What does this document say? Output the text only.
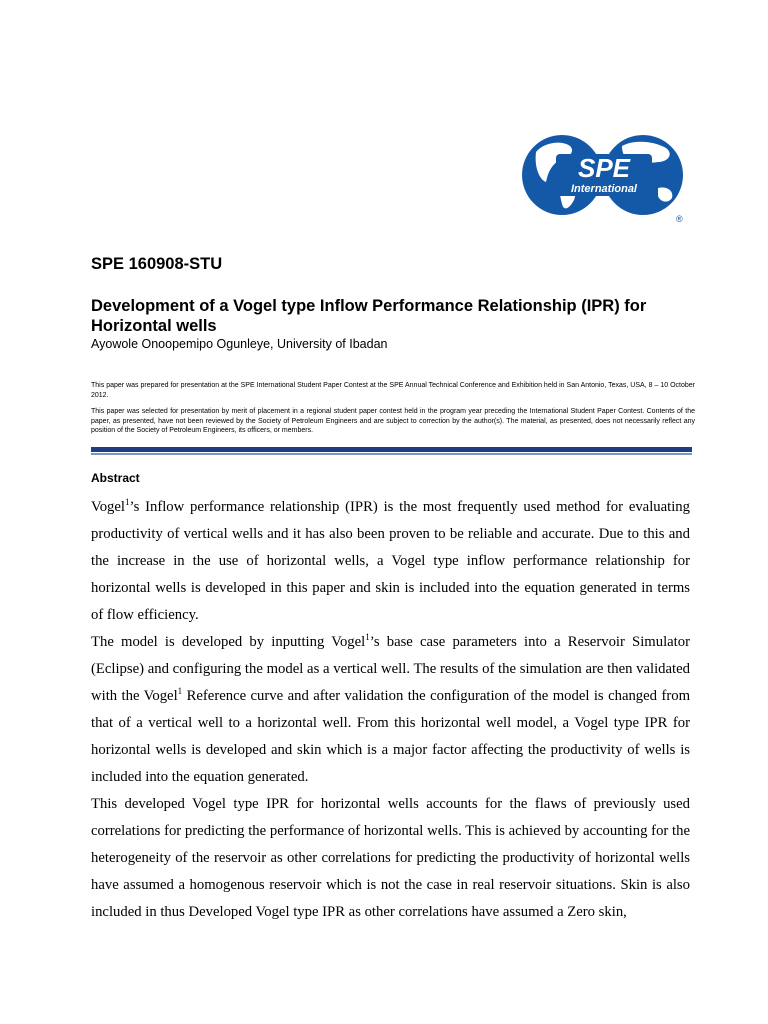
SPE
International
®
SPE 160908-STU
Development of a Vogel type Inflow Performance Relationship (IPR) for Horizontal wells
Ayowole Onoopemipo Ogunleye, University of Ibadan

This paper was prepared for presentation at the SPE International Student Paper Contest at the SPE Annual Technical Conference and Exhibition held in San Antonio, Texas, USA, 8 – 10 October 2012.

This paper was selected for presentation by merit of placement in a regional student paper contest held in the program year preceding the International Student Paper Contest. Contents of the paper, as presented, have not been reviewed by the Society of Petroleum Engineers and are subject to correction by the author(s). The material, as presented, does not necessarily reflect any position of the Society of Petroleum Engineers, its officers, or members.

Abstract

Vogel$^1$’s Inflow performance relationship (IPR) is the most frequently used method for evaluating productivity of vertical wells and it has also been proven to be reliable and accurate. Due to this and the increase in the use of horizontal wells, a Vogel type inflow performance relationship for horizontal wells is developed in this paper and skin is included into the equation generated in terms of flow efficiency.

The model is developed by inputting Vogel$^1$’s base case parameters into a Reservoir Simulator (Eclipse) and configuring the model as a vertical well. The results of the simulation are then validated with the Vogel$^1$ Reference curve and after validation the configuration of the model is changed from that of a vertical well to a horizontal well. From this horizontal well model, a Vogel type IPR for horizontal wells is developed and skin which is a major factor affecting the productivity of wells is included into the equation generated.

This developed Vogel type IPR for horizontal wells accounts for the flaws of previously used correlations for predicting the performance of horizontal wells. This is achieved by accounting for the heterogeneity of the reservoir as other correlations for predicting the productivity of horizontal wells have assumed a homogenous reservoir which is not the case in real reservoir situations. Skin is also included in thus Developed Vogel type IPR as other correlations have assumed a Zero skin,
